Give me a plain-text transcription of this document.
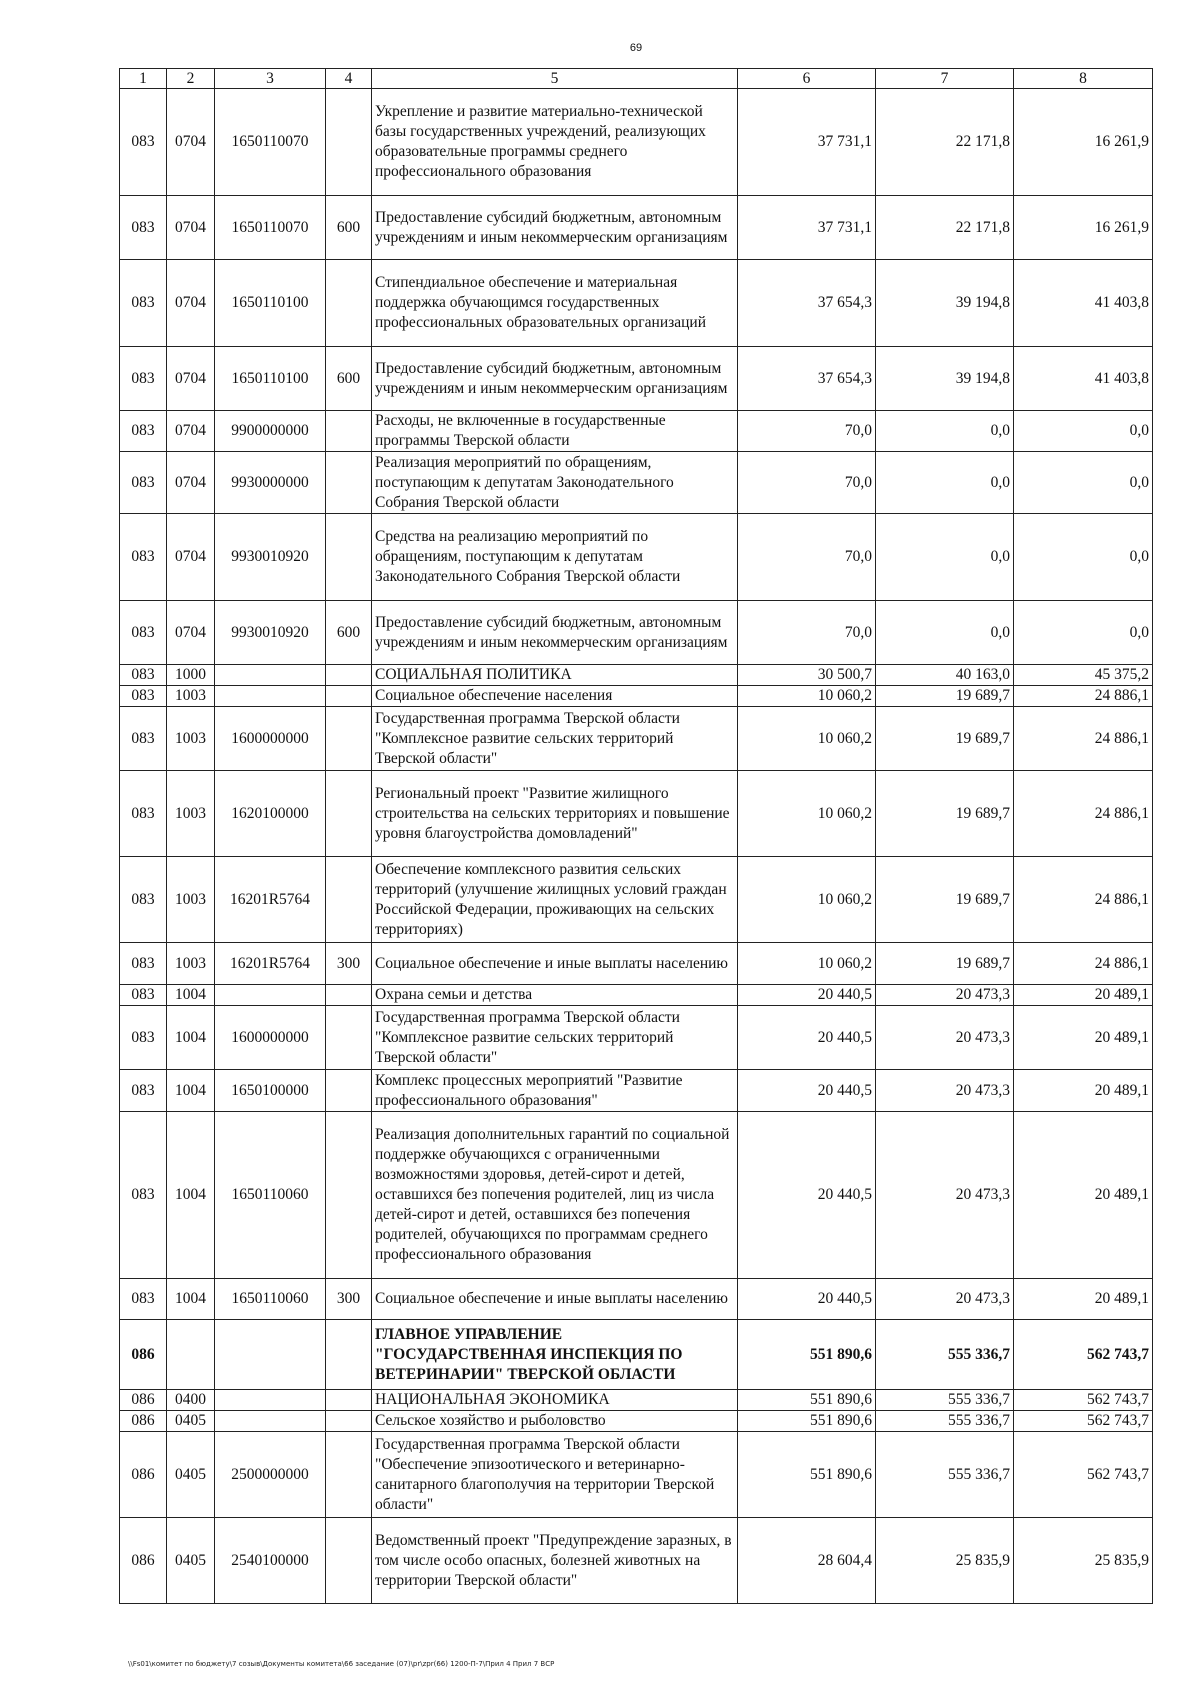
69
1	2	3	4	5	6	7	8
083	0704	1650110070		Укрепление и развитие материально-технической базы государственных учреждений, реализующих образовательные программы среднего профессионального образования	37 731,1	22 171,8	16 261,9
083	0704	1650110070	600	Предоставление субсидий бюджетным, автономным учреждениям и иным некоммерческим организациям	37 731,1	22 171,8	16 261,9
083	0704	1650110100		Стипендиальное обеспечение и материальная поддержка обучающимся государственных профессиональных образовательных организаций	37 654,3	39 194,8	41 403,8
083	0704	1650110100	600	Предоставление субсидий бюджетным, автономным учреждениям и иным некоммерческим организациям	37 654,3	39 194,8	41 403,8
083	0704	9900000000		Расходы, не включенные в государственные программы Тверской области	70,0	0,0	0,0
083	0704	9930000000		Реализация мероприятий по обращениям, поступающим к депутатам Законодательного Собрания Тверской области	70,0	0,0	0,0
083	0704	9930010920		Средства на реализацию мероприятий по обращениям, поступающим к депутатам Законодательного Собрания Тверской области	70,0	0,0	0,0
083	0704	9930010920	600	Предоставление субсидий бюджетным, автономным учреждениям и иным некоммерческим организациям	70,0	0,0	0,0
083	1000			СОЦИАЛЬНАЯ ПОЛИТИКА	30 500,7	40 163,0	45 375,2
083	1003			Социальное обеспечение населения	10 060,2	19 689,7	24 886,1
083	1003	1600000000		Государственная программа Тверской области "Комплексное развитие сельских территорий Тверской области"	10 060,2	19 689,7	24 886,1
083	1003	1620100000		Региональный проект "Развитие жилищного строительства на сельских территориях и повышение уровня благоустройства домовладений"	10 060,2	19 689,7	24 886,1
083	1003	16201R5764		Обеспечение комплексного развития сельских территорий (улучшение жилищных условий граждан Российской Федерации, проживающих на сельских территориях)	10 060,2	19 689,7	24 886,1
083	1003	16201R5764	300	Социальное обеспечение и иные выплаты населению	10 060,2	19 689,7	24 886,1
083	1004			Охрана семьи и детства	20 440,5	20 473,3	20 489,1
083	1004	1600000000		Государственная программа Тверской области "Комплексное развитие сельских территорий Тверской области"	20 440,5	20 473,3	20 489,1
083	1004	1650100000		Комплекс процессных мероприятий "Развитие профессионального образования"	20 440,5	20 473,3	20 489,1
083	1004	1650110060		Реализация дополнительных гарантий по социальной поддержке обучающихся с ограниченными возможностями здоровья, детей-сирот и детей, оставшихся без попечения родителей, лиц из числа детей-сирот и детей, оставшихся без попечения родителей, обучающихся по программам среднего профессионального образования	20 440,5	20 473,3	20 489,1
083	1004	1650110060	300	Социальное обеспечение и иные выплаты населению	20 440,5	20 473,3	20 489,1
086				ГЛАВНОЕ УПРАВЛЕНИЕ "ГОСУДАРСТВЕННАЯ ИНСПЕКЦИЯ ПО ВЕТЕРИНАРИИ" ТВЕРСКОЙ ОБЛАСТИ	551 890,6	555 336,7	562 743,7
086	0400			НАЦИОНАЛЬНАЯ ЭКОНОМИКА	551 890,6	555 336,7	562 743,7
086	0405			Сельское хозяйство и рыболовство	551 890,6	555 336,7	562 743,7
086	0405	2500000000		Государственная программа Тверской области "Обеспечение эпизоотического и ветеринарно-санитарного благополучия на территории Тверской области"	551 890,6	555 336,7	562 743,7
086	0405	2540100000		Ведомственный проект "Предупреждение заразных, в том числе особо опасных, болезней животных на территории Тверской области"	28 604,4	25 835,9	25 835,9
\\Fs01\комитет по бюджету\7 созыв\Документы комитета\66 заседание (07)\pr\zpr(66) 1200-П-7\Прил 4 Прил 7 ВСР
